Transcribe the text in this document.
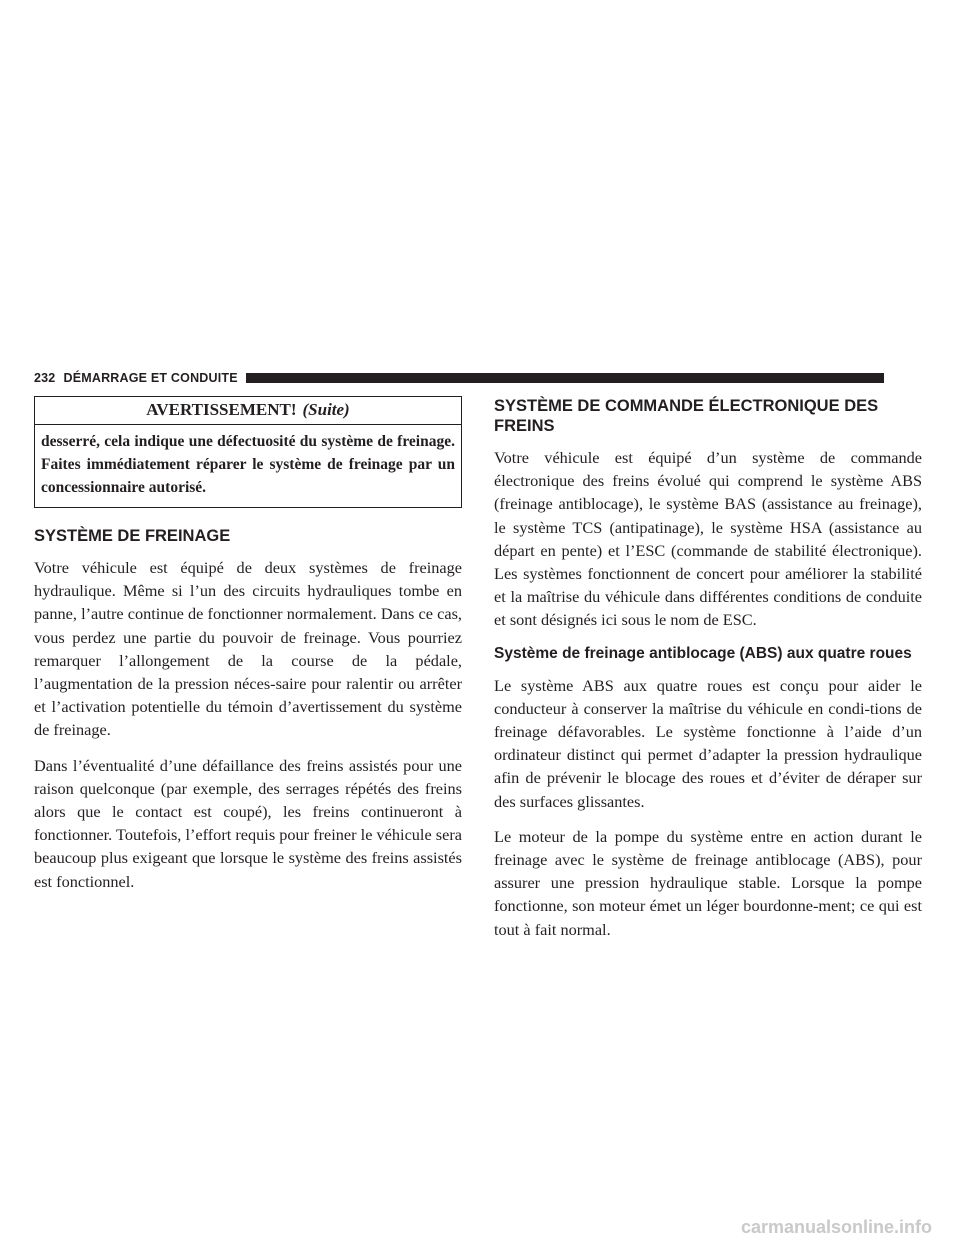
232 DÉMARRAGE ET CONDUITE
AVERTISSEMENT! (Suite)
desserré, cela indique une défectuosité du système de freinage. Faites immédiatement réparer le système de freinage par un concessionnaire autorisé.
SYSTÈME DE FREINAGE

Votre véhicule est équipé de deux systèmes de freinage hydraulique. Même si l’un des circuits hydrauliques tombe en panne, l’autre continue de fonctionner normalement. Dans ce cas, vous perdez une partie du pouvoir de freinage. Vous pourriez remarquer l’allongement de la course de la pédale, l’augmentation de la pression néces-saire pour ralentir ou arrêter et l’activation potentielle du témoin d’avertissement du système de freinage.

Dans l’éventualité d’une défaillance des freins assistés pour une raison quelconque (par exemple, des serrages répétés des freins alors que le contact est coupé), les freins continueront à fonctionner. Toutefois, l’effort requis pour freiner le véhicule sera beaucoup plus exigeant que lorsque le système des freins assistés est fonctionnel.

SYSTÈME DE COMMANDE ÉLECTRONIQUE DES FREINS

Votre véhicule est équipé d’un système de commande électronique des freins évolué qui comprend le système ABS (freinage antiblocage), le système BAS (assistance au freinage), le système TCS (antipatinage), le système HSA (assistance au départ en pente) et l’ESC (commande de stabilité électronique). Les systèmes fonctionnent de concert pour améliorer la stabilité et la maîtrise du véhicule dans différentes conditions de conduite et sont désignés ici sous le nom de ESC.

Système de freinage antiblocage (ABS) aux quatre roues

Le système ABS aux quatre roues est conçu pour aider le conducteur à conserver la maîtrise du véhicule en condi-tions de freinage défavorables. Le système fonctionne à l’aide d’un ordinateur distinct qui permet d’adapter la pression hydraulique afin de prévenir le blocage des roues et d’éviter de déraper sur des surfaces glissantes.

Le moteur de la pompe du système entre en action durant le freinage avec le système de freinage antiblocage (ABS), pour assurer une pression hydraulique stable. Lorsque la pompe fonctionne, son moteur émet un léger bourdonne-ment; ce qui est tout à fait normal.

carmanualsonline.info
